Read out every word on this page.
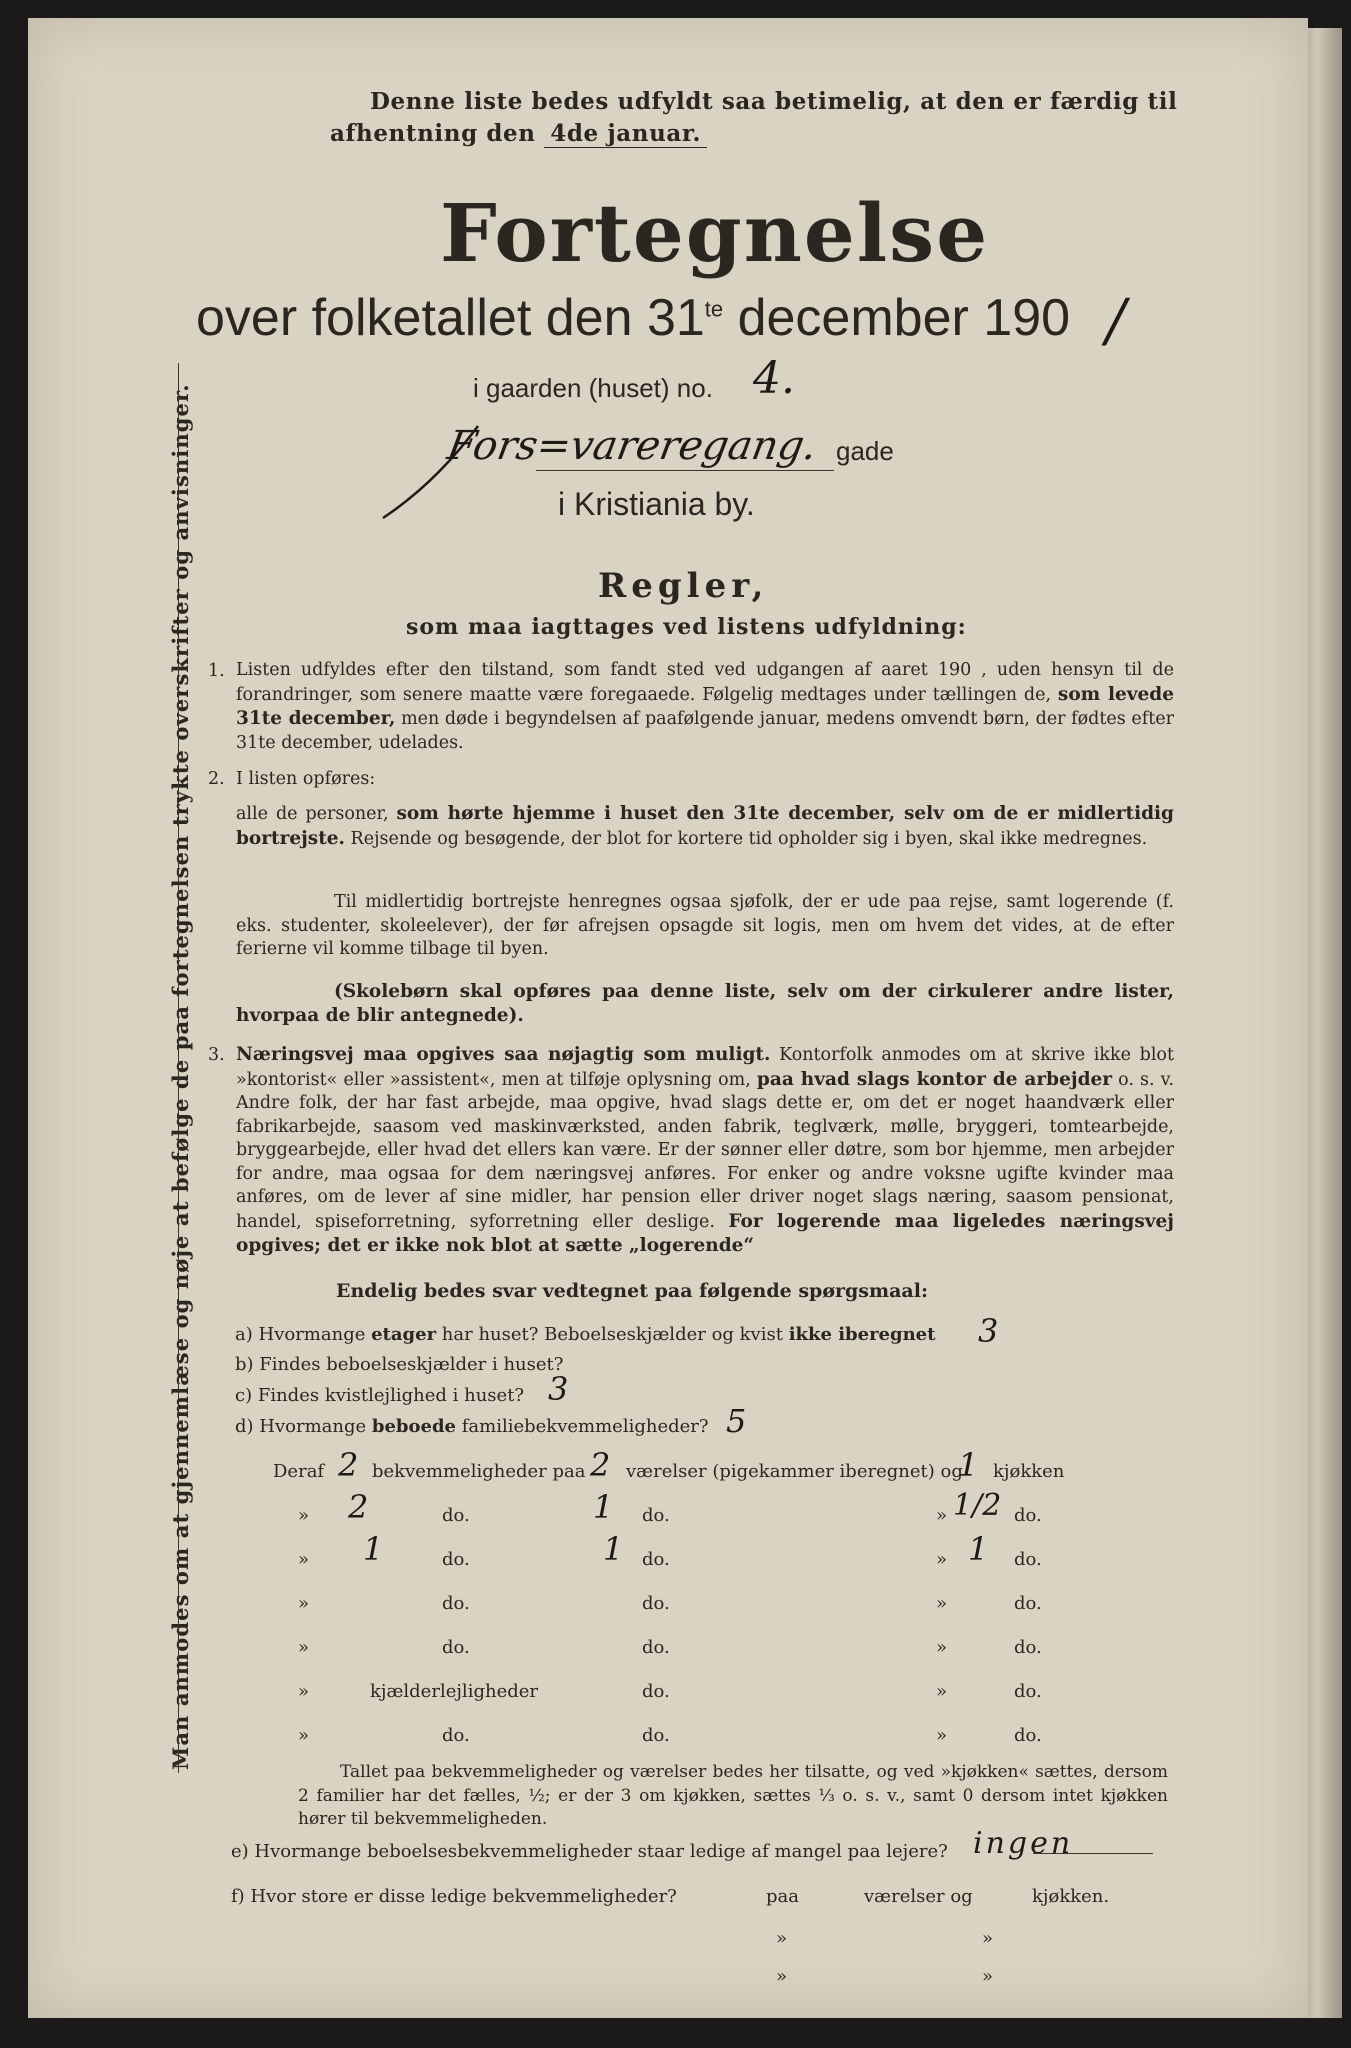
Man anmodes om at gjennemlæse og nøje at befølge de paa fortegnelsen trykte overskrifter og anvisninger.
Denne liste bedes udfyldt saa betimelig, at den er færdig til
afhentning den 4de januar.
Fortegnelse
over folketallet den $31^{te}$ december 190 /
i gaarden (huset) no. 4.
Fors=vareregang. gade
i Kristiania by.
Regler,
som maa iagttages ved listens udfyldning:
1. Listen udfyldes efter den tilstand, som fandt sted ved udgangen af aaret 190 , uden hensyn til de forandringer, som senere maatte være foregaaede. Følgelig medtages under tællingen de, som levede 31te december, men døde i begyndelsen af paafølgende januar, medens omvendt børn, der fødtes efter 31te december, udelades.
2. I listen opføres:
alle de personer, som hørte hjemme i huset den 31te december, selv om de er midlertidig bortrejste. Rejsende og besøgende, der blot for kortere tid opholder sig i byen, skal ikke medregnes.
Til midlertidig bortrejste henregnes ogsaa sjøfolk, der er ude paa rejse, samt logerende (f. eks. studenter, skoleelever), der før afrejsen opsagde sit logis, men om hvem det vides, at de efter ferierne vil komme tilbage til byen.
(Skolebørn skal opføres paa denne liste, selv om der cirkulerer andre lister, hvorpaa de blir antegnede).
3. Næringsvej maa opgives saa nøjagtig som muligt. Kontorfolk anmodes om at skrive ikke blot »kontorist« eller »assistent«, men at tilføje oplysning om, paa hvad slags kontor de arbejder o. s. v. Andre folk, der har fast arbejde, maa opgive, hvad slags dette er, om det er noget haandværk eller fabrikarbejde, saasom ved maskinværksted, anden fabrik, teglværk, mølle, bryggeri, tomtearbejde, bryggearbejde, eller hvad det ellers kan være. Er der sønner eller døtre, som bor hjemme, men arbejder for andre, maa ogsaa for dem næringsvej anføres. For enker og andre voksne ugifte kvinder maa anføres, om de lever af sine midler, har pension eller driver noget slags næring, saasom pensionat, handel, spiseforretning, syforretning eller deslige. For logerende maa ligeledes næringsvej opgives; det er ikke nok blot at sætte „logerende“
Endelig bedes svar vedtegnet paa følgende spørgsmaal:
a) Hvormange etager har huset? Beboelseskjælder og kvist ikke iberegnet 3
b) Findes beboelseskjælder i huset?
c) Findes kvistlejlighed i huset? 3
d) Hvormange beboede familiebekvemmeligheder? 5
Deraf 2 bekvemmeligheder paa 2 værelser (pigekammer iberegnet) og
1 kjøkken
» 2	do.	1 do.	» 1/2 do.
» 1	do.	1 do.	» 1 do.
»	do.	do.	»	do.
»	do.	do.	»	do.
»	kjælderlejligheder	do.	»	do.
»	do.	do.	»	do.
Tallet paa bekvemmeligheder og værelser bedes her tilsatte, og ved »kjøkken« sættes, dersom 2 familier har det fælles, ½; er der 3 om kjøkken, sættes ⅓ o. s. v., samt 0 dersom intet kjøkken hører til bekvemmeligheden.
e) Hvormange beboelsesbekvemmeligheder staar ledige af mangel paa lejere? ingen
f) Hvor store er disse ledige bekvemmeligheder?	paa	værelser og	kjøkken.
»	»
»	»
